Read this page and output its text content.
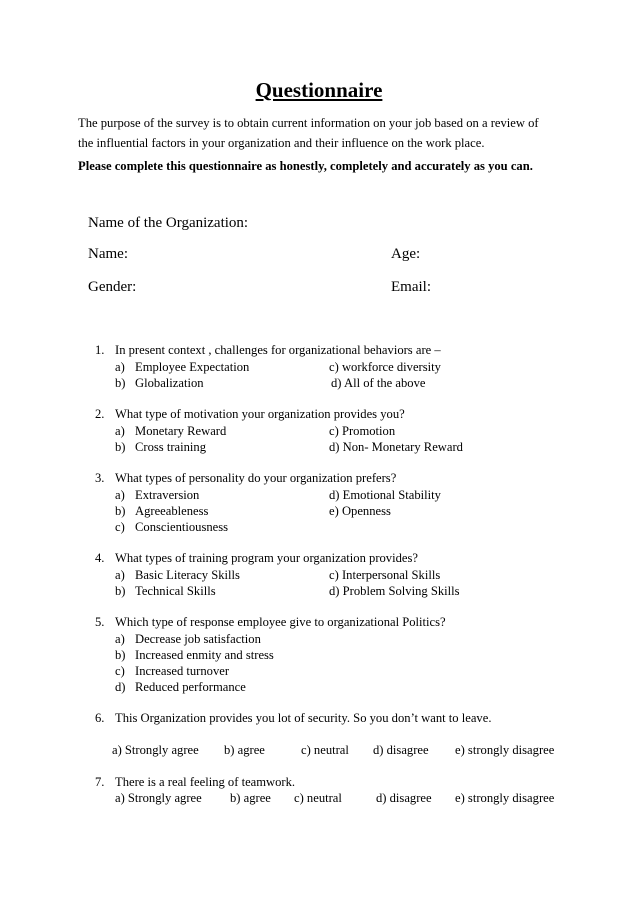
Questionnaire
The purpose of the survey is to obtain current information on your job based on a review of
the influential factors in your organization and their influence on the work place.
Please complete this questionnaire as honestly, completely and accurately as you can.
Name of the Organization:
Name:	Age:
Gender:	Email:
1. In present context , challenges for organizational behaviors are –
a) Employee Expectation	c) workforce diversity
b) Globalization	d) All of the above
2. What type of motivation your organization provides you?
a) Monetary Reward	c) Promotion
b) Cross training	d) Non- Monetary Reward
3. What types of personality do your organization prefers?
a) Extraversion	d) Emotional Stability
b) Agreeableness	e) Openness
c) Conscientiousness
4. What types of training program your organization provides?
a) Basic Literacy Skills	c) Interpersonal Skills
b) Technical Skills	d) Problem Solving Skills
5. Which type of response employee give to organizational Politics?
a) Decrease job satisfaction
b) Increased enmity and stress
c) Increased turnover
d) Reduced performance
6. This Organization provides you lot of security. So you don’t want to leave.
a) Strongly agree b) agree	c) neutral d) disagree e) strongly disagree
7. There is a real feeling of teamwork.
a) Strongly agree b) agree c) neutral	d) disagree e) strongly disagree
